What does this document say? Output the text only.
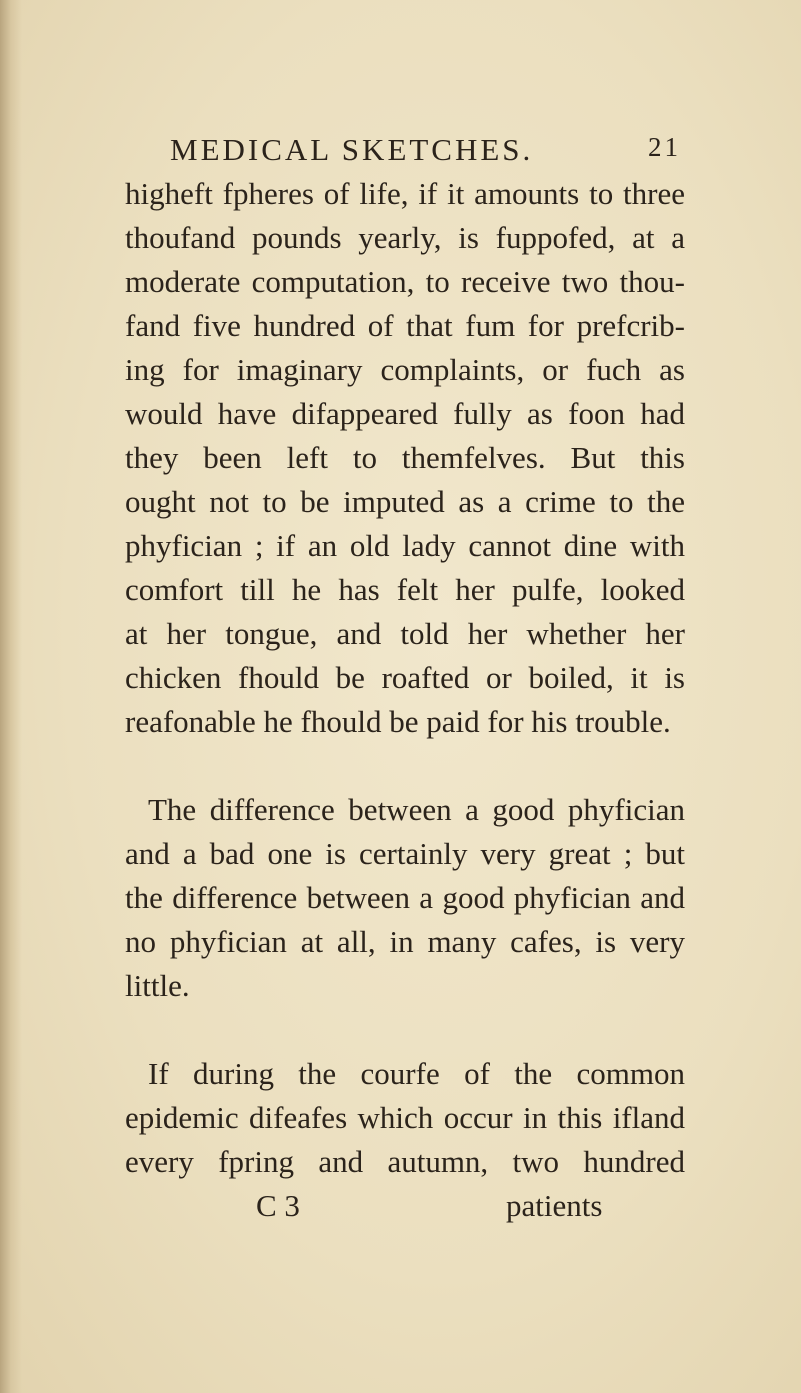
MEDICAL SKETCHES.	21
higheft fpheres of life, if it amounts to three
thoufand pounds yearly, is fuppofed, at a
moderate computation, to receive two thou-
fand five hundred of that fum for prefcrib-
ing for imaginary complaints, or fuch as
would have difappeared fully as foon had
they been left to themfelves. But this
ought not to be imputed as a crime to the
phyfician ; if an old lady cannot dine with
comfort till he has felt her pulfe, looked
at her tongue, and told her whether her
chicken fhould be roafted or boiled, it is
reafonable he fhould be paid for his trouble.
The difference between a good phyfician
and a bad one is certainly very great ; but
the difference between a good phyfician and
no phyfician at all, in many cafes, is very
little.
If during the courfe of the common
epidemic difeafes which occur in this ifland
every fpring and autumn, two hundred
C 3	patients
